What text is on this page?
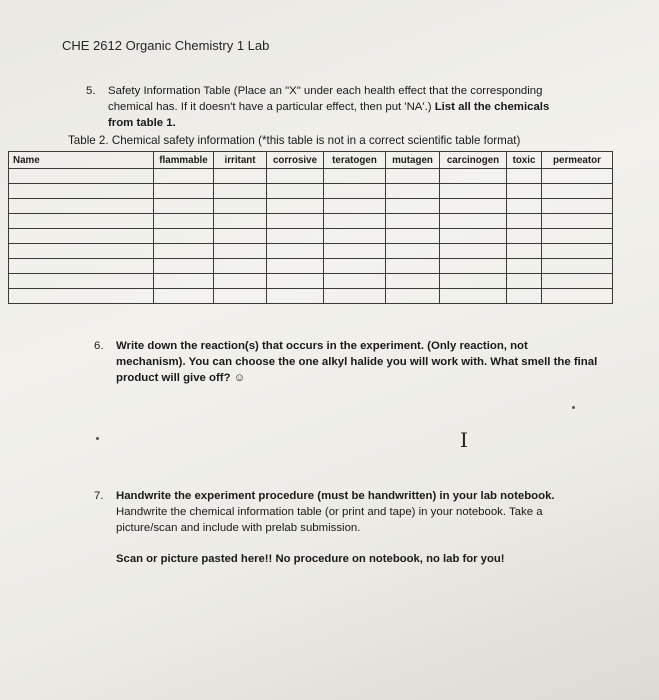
CHE 2612 Organic Chemistry 1 Lab
5. Safety Information Table (Place an "X" under each health effect that the corresponding
chemical has. If it doesn't have a particular effect, then put 'NA'.) List all the chemicals
from table 1.
Table 2. Chemical safety information (*this table is not in a correct scientific table format)
Name	flammable	irritant	corrosive	teratogen	mutagen	carcinogen	toxic	permeator

6. Write down the reaction(s) that occurs in the experiment. (Only reaction, not
mechanism). You can choose the one alkyl halide you will work with. What smell the final
product will give off? ☺
I
7. Handwrite the experiment procedure (must be handwritten) in your lab notebook.
Handwrite the chemical information table (or print and tape) in your notebook. Take a
picture/scan and include with prelab submission.
Scan or picture pasted here!! No procedure on notebook, no lab for you!
